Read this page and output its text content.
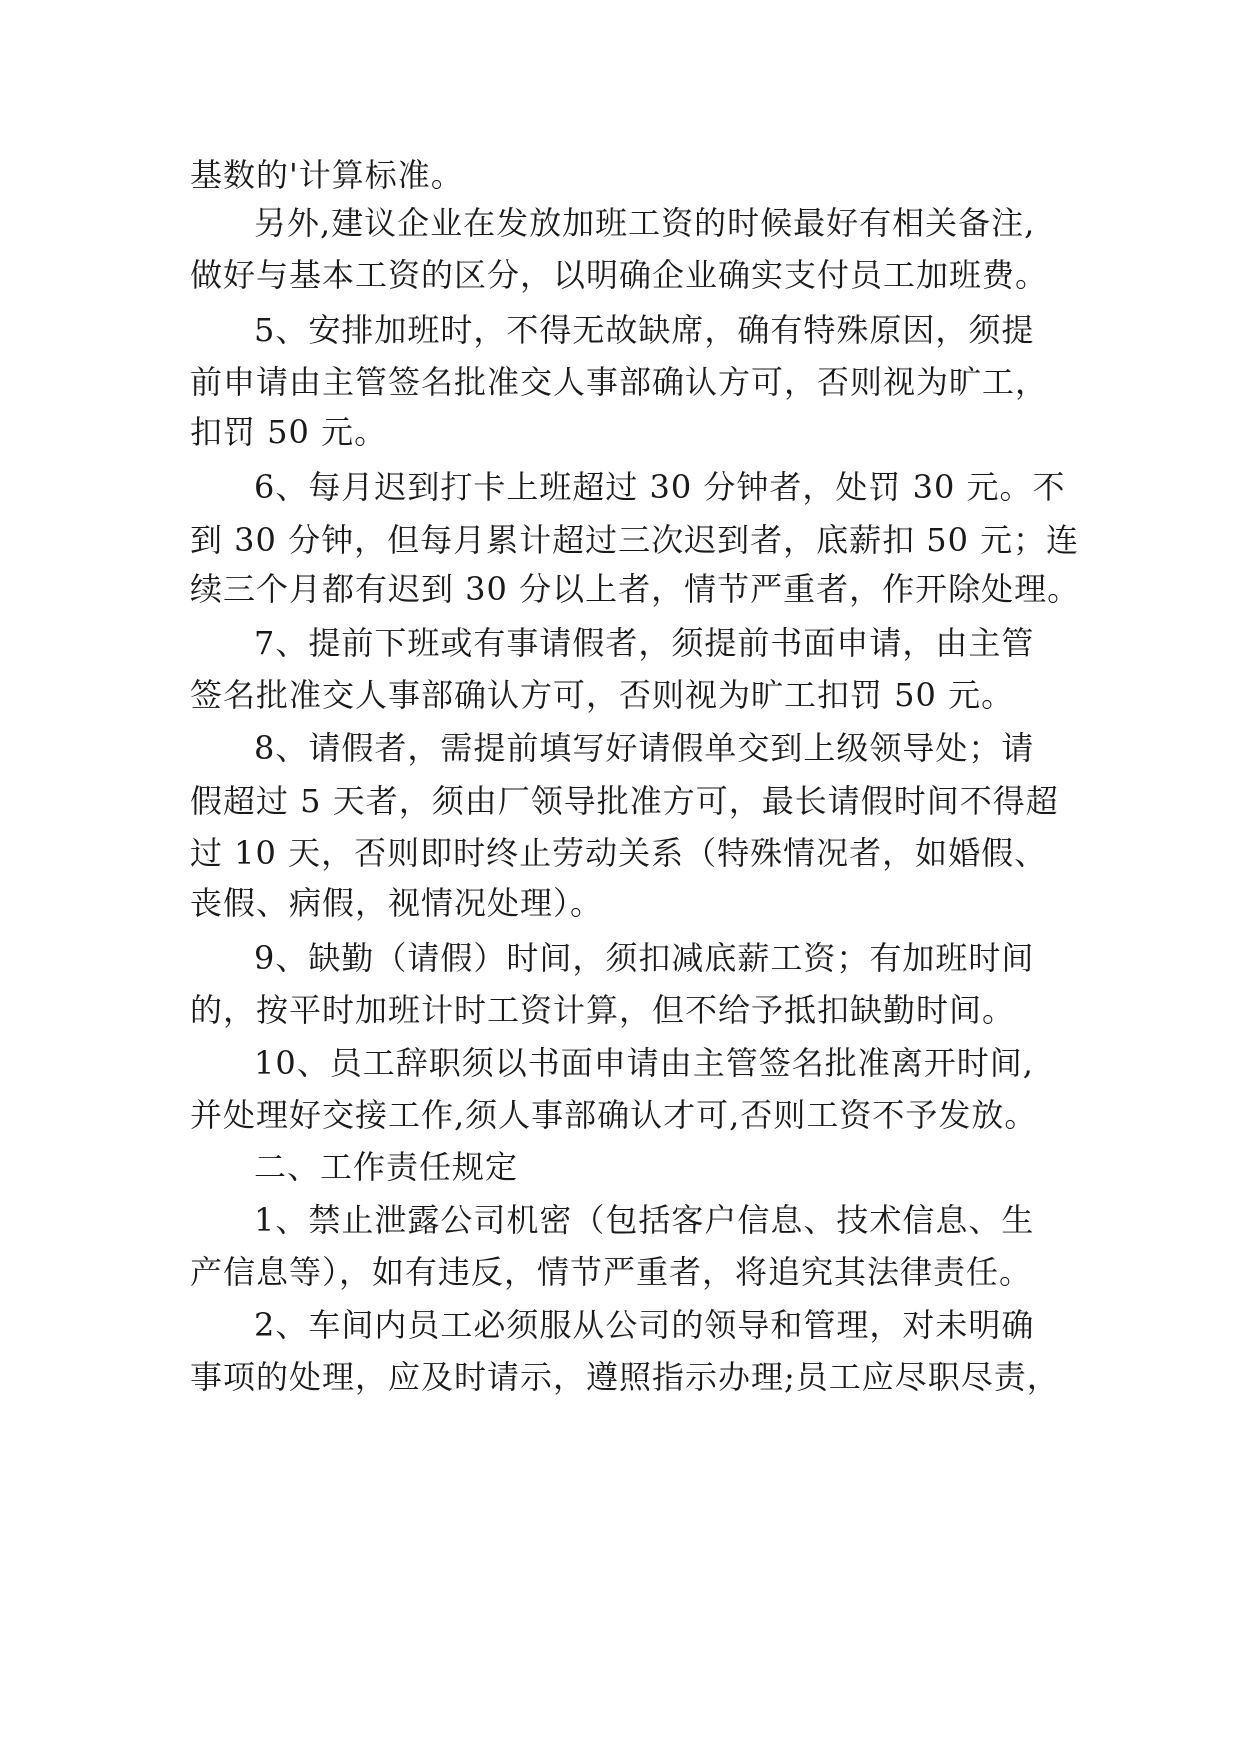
基数的'计算标准。
另外,建议企业在发放加班工资的时候最好有相关备注,
做好与基本工资的区分，以明确企业确实支付员工加班费。
5、安排加班时，不得无故缺席，确有特殊原因，须提
前申请由主管签名批准交人事部确认方可，否则视为旷工，
扣罚 50 元。
6、每月迟到打卡上班超过 30 分钟者，处罚 30 元。不
到 30 分钟，但每月累计超过三次迟到者，底薪扣 50 元；连
续三个月都有迟到 30 分以上者，情节严重者，作开除处理。
7、提前下班或有事请假者，须提前书面申请，由主管
签名批准交人事部确认方可，否则视为旷工扣罚 50 元。
8、请假者，需提前填写好请假单交到上级领导处；请
假超过 5 天者，须由厂领导批准方可，最长请假时间不得超
过 10 天，否则即时终止劳动关系（特殊情况者，如婚假、
丧假、病假，视情况处理）。
9、缺勤（请假）时间，须扣减底薪工资；有加班时间
的，按平时加班计时工资计算，但不给予抵扣缺勤时间。
10、员工辞职须以书面申请由主管签名批准离开时间,
并处理好交接工作,须人事部确认才可,否则工资不予发放。
二、工作责任规定
1、禁止泄露公司机密（包括客户信息、技术信息、生
产信息等），如有违反，情节严重者，将追究其法律责任。
2、车间内员工必须服从公司的领导和管理，对未明确
事项的处理，应及时请示，遵照指示办理;员工应尽职尽责，
